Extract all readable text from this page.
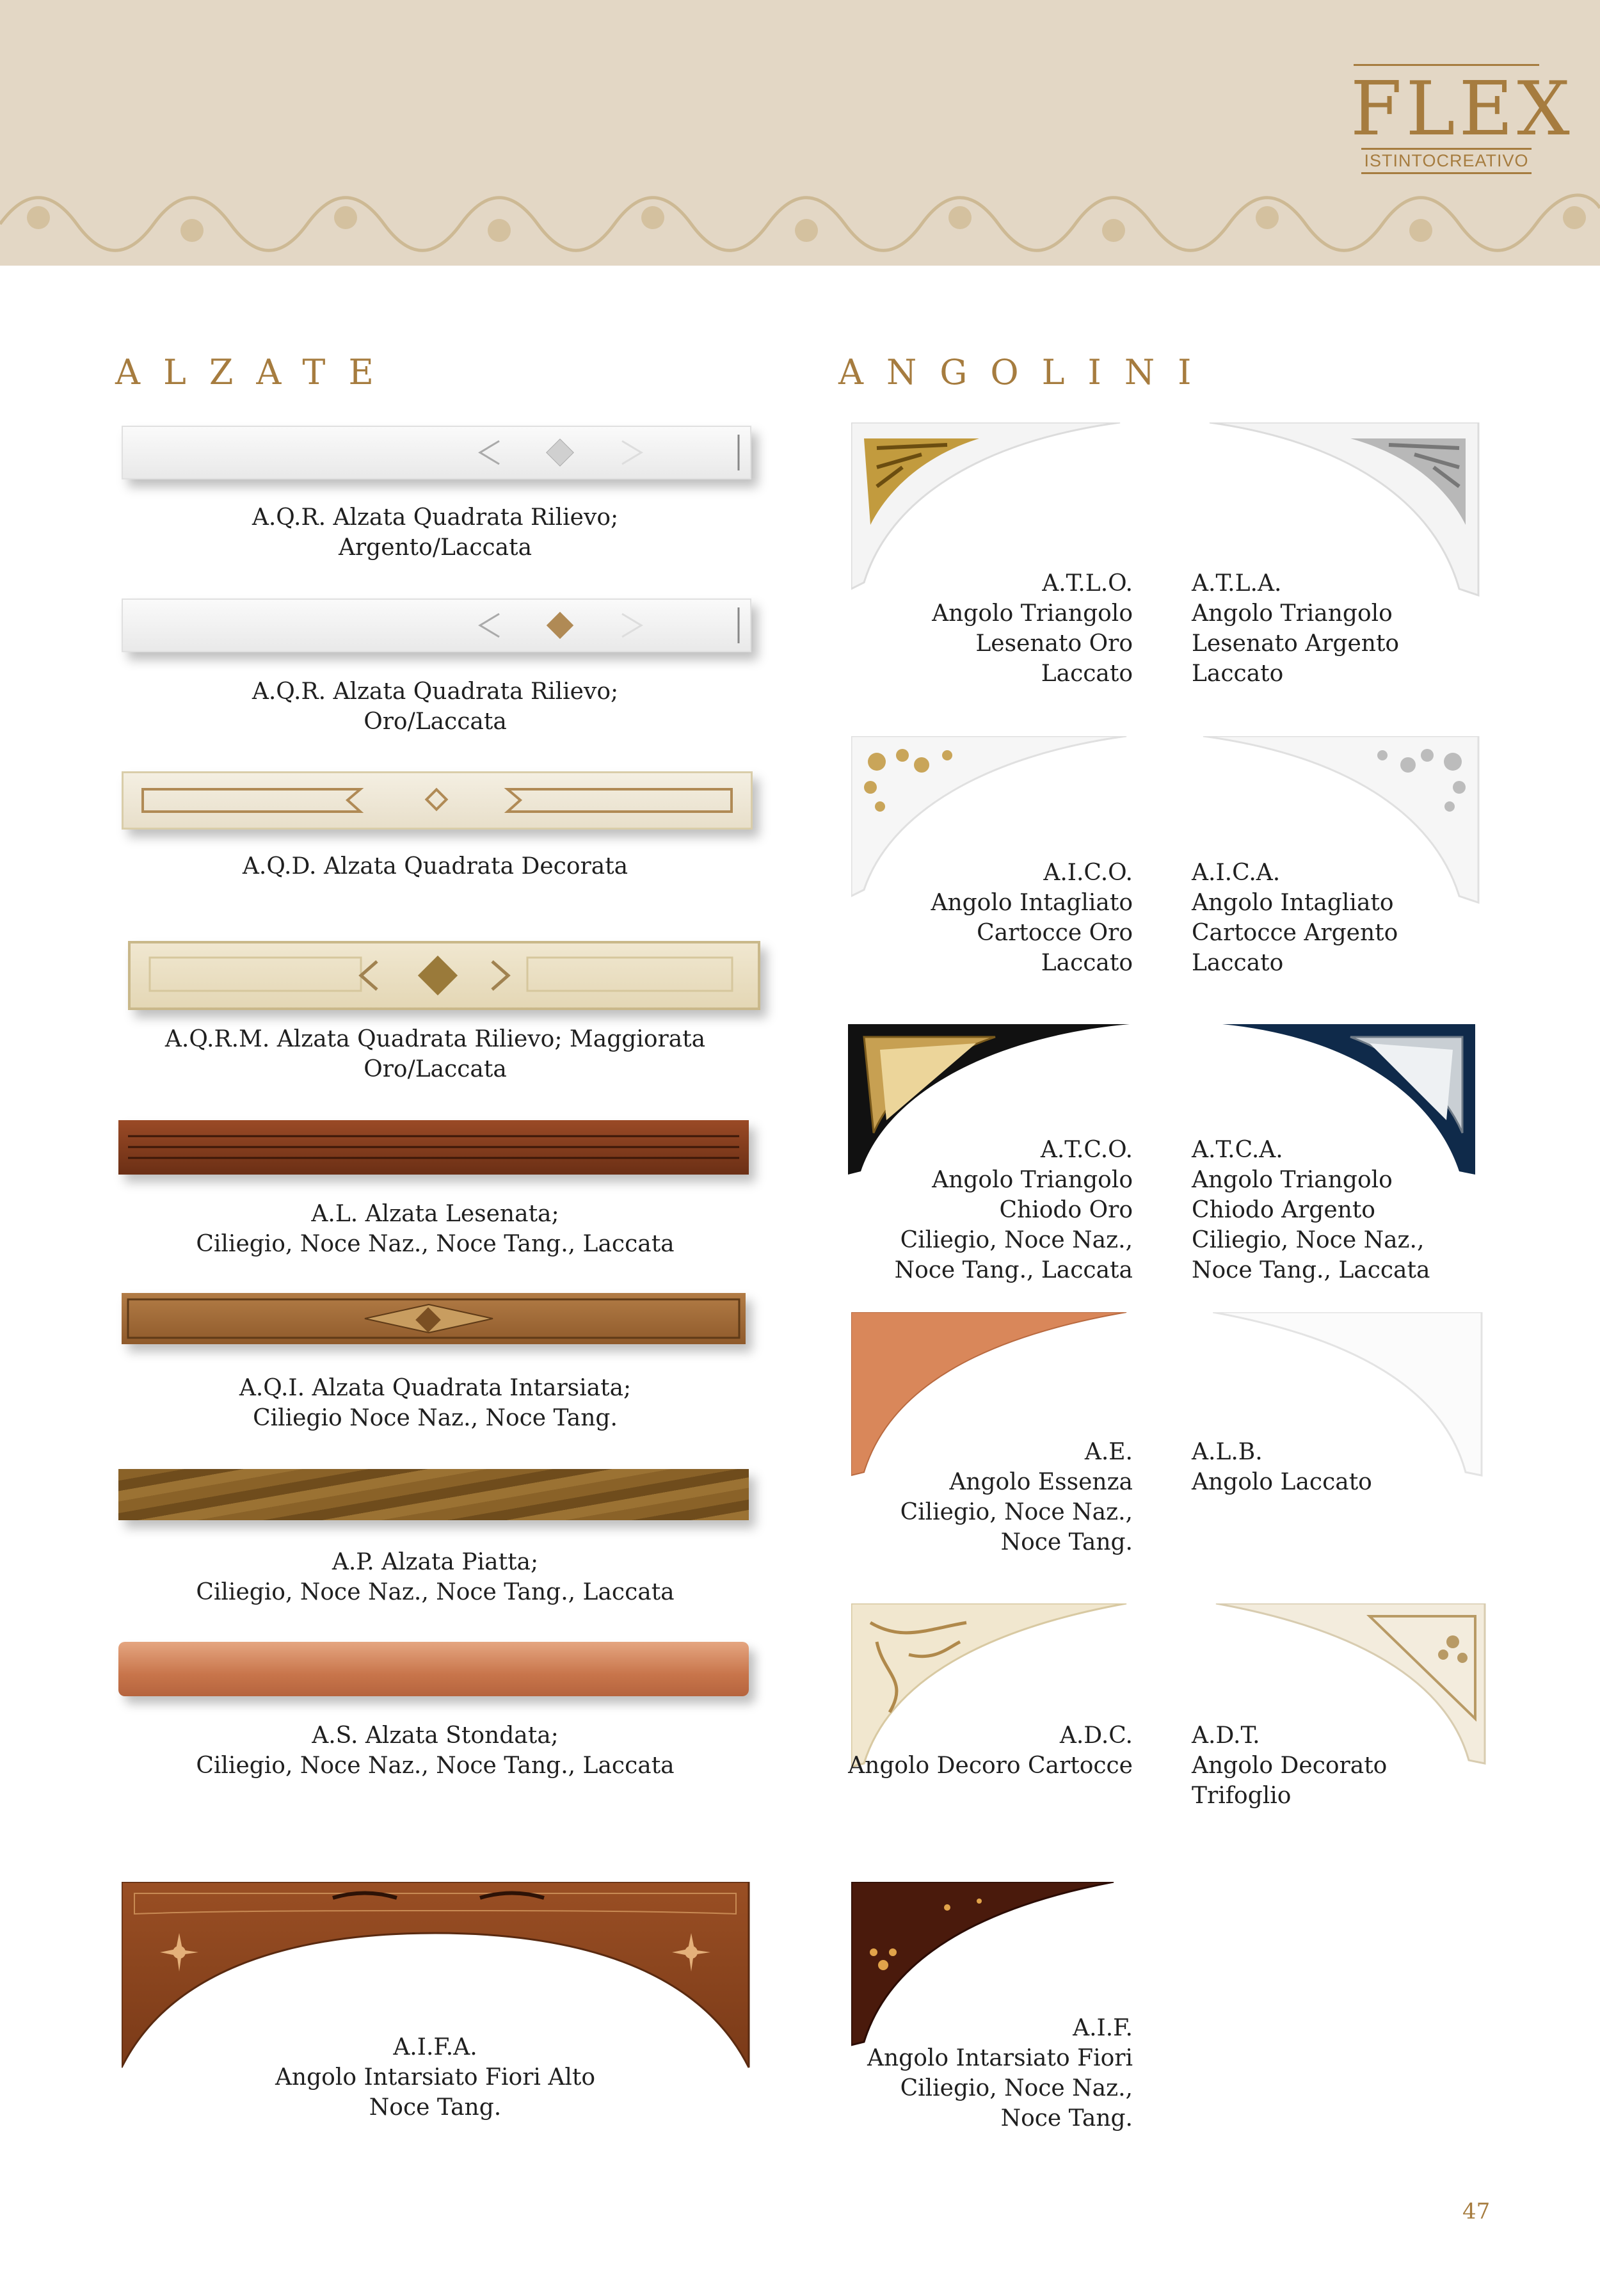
FLEX
ISTINTOCREATIVO
ALZATE	ANGOLINI
A.Q.R. Alzata Quadrata Rilievo;
Argento/Laccata
A.Q.R. Alzata Quadrata Rilievo;
Oro/Laccata
A.Q.D. Alzata Quadrata Decorata
A.Q.R.M. Alzata Quadrata Rilievo; Maggiorata
Oro/Laccata
A.L. Alzata Lesenata;
Ciliegio, Noce Naz., Noce Tang., Laccata
A.Q.I. Alzata Quadrata Intarsiata;
Ciliegio Noce Naz., Noce Tang.
A.P. Alzata Piatta;
Ciliegio, Noce Naz., Noce Tang., Laccata
A.S. Alzata Stondata;
Ciliegio, Noce Naz., Noce Tang., Laccata
A.I.F.A.
Angolo Intarsiato Fiori Alto
Noce Tang.
A.T.L.O.
Angolo Triangolo
Lesenato Oro
Laccato
A.T.L.A.
Angolo Triangolo
Lesenato Argento
Laccato
A.I.C.O.
Angolo Intagliato
Cartocce Oro
Laccato
A.I.C.A.
Angolo Intagliato
Cartocce Argento
Laccato
A.T.C.O.
Angolo Triangolo
Chiodo Oro
Ciliegio, Noce Naz.,
Noce Tang., Laccata
A.T.C.A.
Angolo Triangolo
Chiodo Argento
Ciliegio, Noce Naz.,
Noce Tang., Laccata
A.E.
Angolo Essenza
Ciliegio, Noce Naz.,
Noce Tang.
A.L.B.
Angolo Laccato
A.D.C.
Angolo Decoro Cartocce
A.D.T.
Angolo Decorato
Trifoglio
A.I.F.
Angolo Intarsiato Fiori
Ciliegio, Noce Naz.,
Noce Tang.
47
